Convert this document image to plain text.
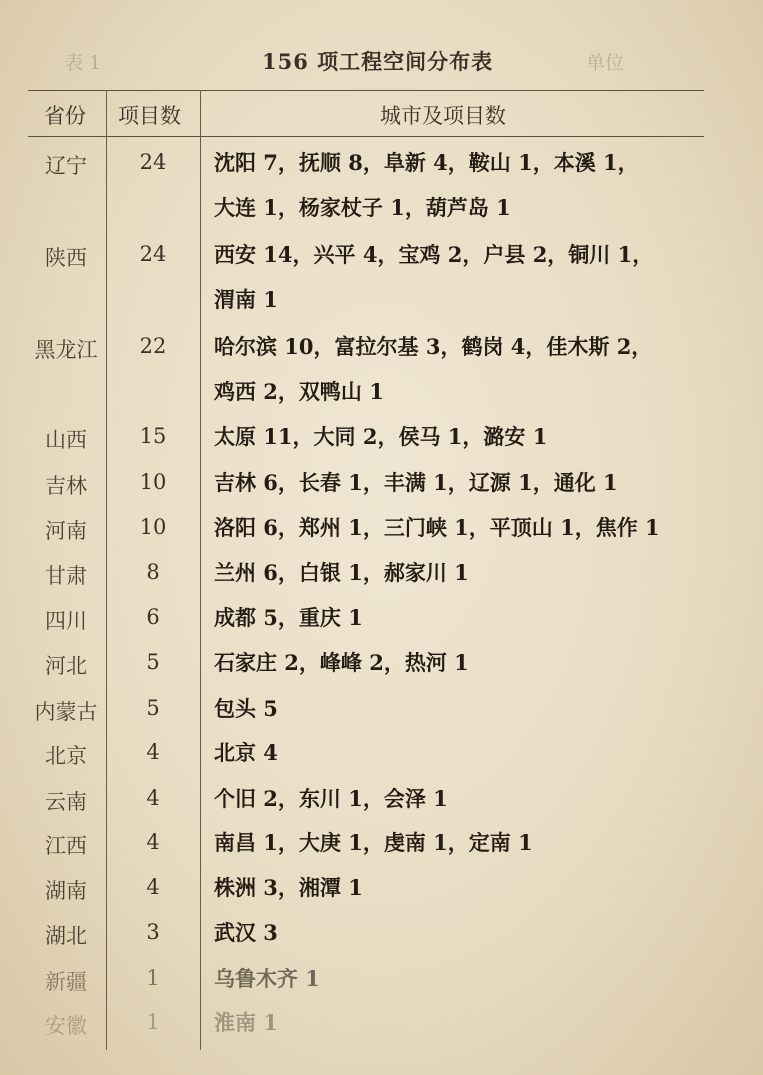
表 1	156 项工程空间分布表	单位
省份 项目数	城市及项目数
辽宁	24	沈阳 7，抚顺 8，阜新 4，鞍山 1，本溪 1，
大连 1，杨家杖子 1，葫芦岛 1
陕西	24	西安 14，兴平 4，宝鸡 2，户县 2，铜川 1，
渭南 1
黑龙江	22	哈尔滨 10，富拉尔基 3，鹤岗 4，佳木斯 2，
鸡西 2，双鸭山 1
山西	15	太原 11，大同 2，侯马 1，潞安 1
吉林	10	吉林 6，长春 1，丰满 1，辽源 1，通化 1
河南	10	洛阳 6，郑州 1，三门峡 1，平顶山 1，焦作 1
甘肃	8	兰州 6，白银 1，郝家川 1
四川	6	成都 5，重庆 1
河北	5	石家庄 2，峰峰 2，热河 1
内蒙古	5	包头 5
北京	4	北京 4
云南	4	个旧 2，东川 1，会泽 1
江西	4	南昌 1，大庚 1，虔南 1，定南 1
湖南	4	株洲 3，湘潭 1
湖北	3	武汉 3
新疆	1	乌鲁木齐 1
安徽	1	淮南 1
